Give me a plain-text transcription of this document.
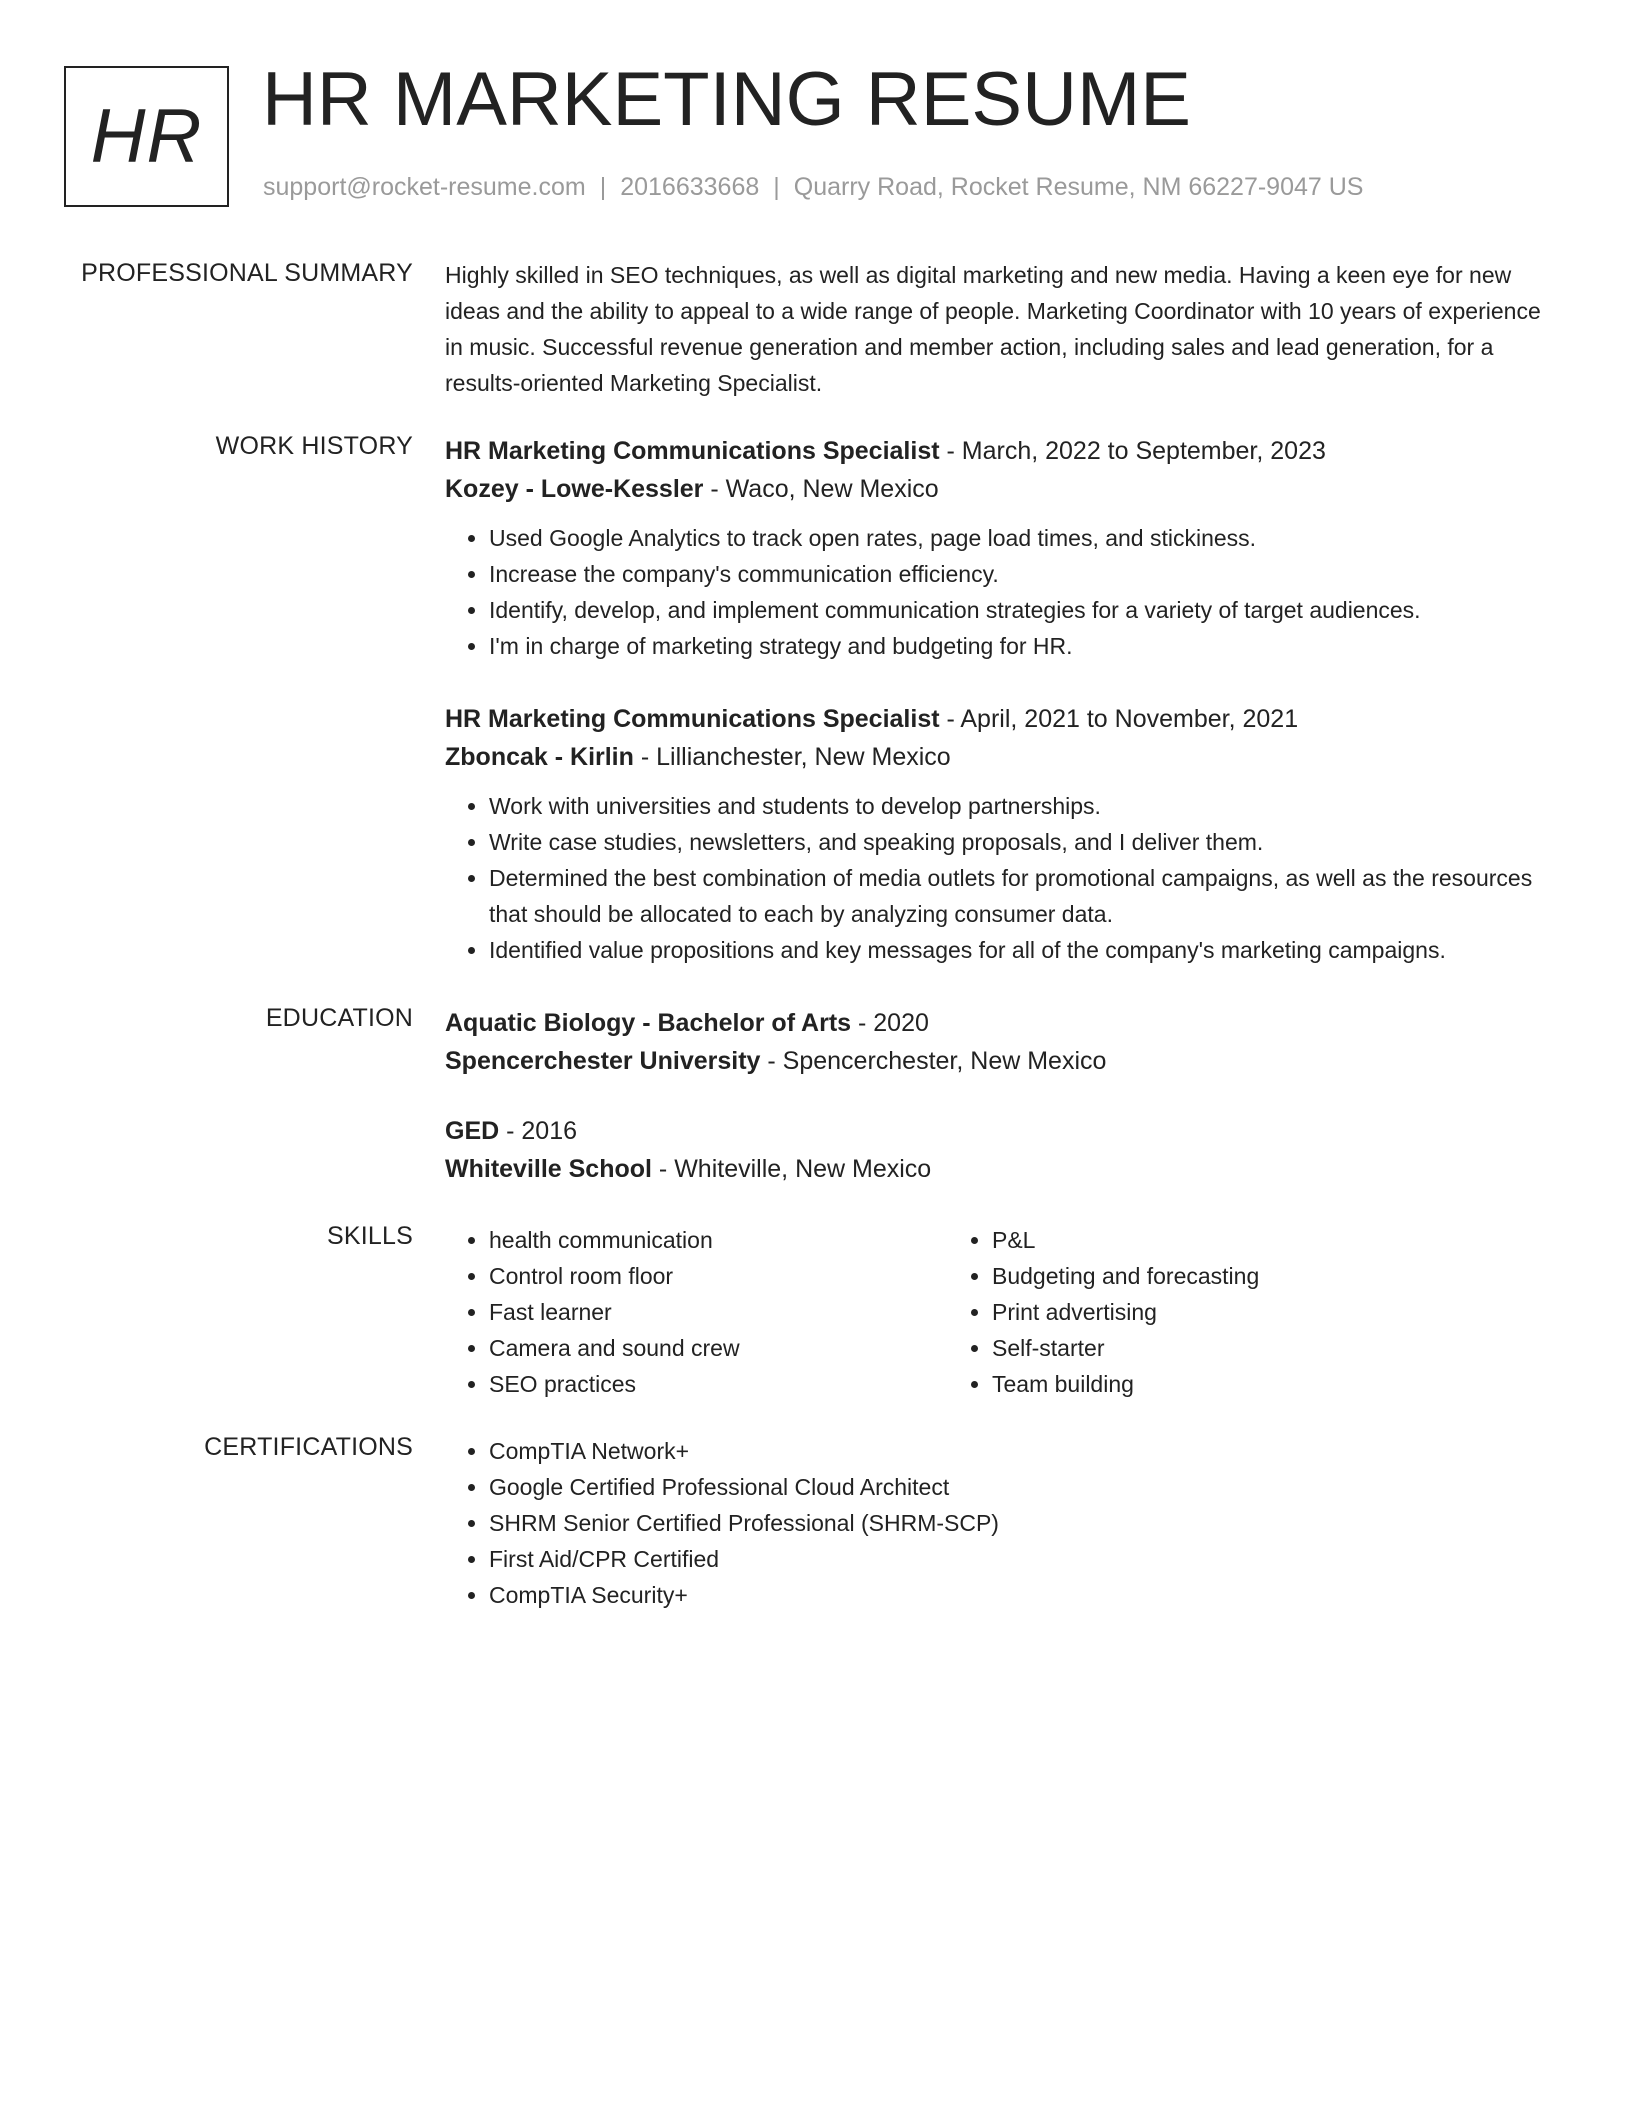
HR HR MARKETING RESUME
support@rocket-resume.com | 2016633668 | Quarry Road, Rocket Resume, NM 66227-9047 US
PROFESSIONAL SUMMARY Highly skilled in SEO techniques, as well as digital marketing and new media. Having a keen eye for new ideas and the ability to appeal to a wide range of people. Marketing Coordinator with 10 years of experience in music. Successful revenue generation and member action, including sales and lead generation, for a results-oriented Marketing Specialist.

WORK HISTORY HR Marketing Communications Specialist - March, 2022 to September, 2023
Kozey - Lowe-Kessler - Waco, New Mexico
• Used Google Analytics to track open rates, page load times, and stickiness.
• Increase the company's communication efficiency.
• Identify, develop, and implement communication strategies for a variety of target audiences.
• I'm in charge of marketing strategy and budgeting for HR.
HR Marketing Communications Specialist - April, 2021 to November, 2021
Zboncak - Kirlin - Lillianchester, New Mexico
• Work with universities and students to develop partnerships.
• Write case studies, newsletters, and speaking proposals, and I deliver them.
• Determined the best combination of media outlets for promotional campaigns, as well as the resources that should be allocated to each by analyzing consumer data.
• Identified value propositions and key messages for all of the company's marketing campaigns.
EDUCATION Aquatic Biology - Bachelor of Arts - 2020
Spencerchester University - Spencerchester, New Mexico
GED - 2016
Whiteville School - Whiteville, New Mexico
SKILLS	• health communication
• Control room floor
• Fast learner
• Camera and sound crew
• SEO practices
• P&L
• Budgeting and forecasting
• Print advertising
• Self-starter
• Team building
CERTIFICATIONS	• CompTIA Network+
• Google Certified Professional Cloud Architect
• SHRM Senior Certified Professional (SHRM-SCP)
• First Aid/CPR Certified
• CompTIA Security+
